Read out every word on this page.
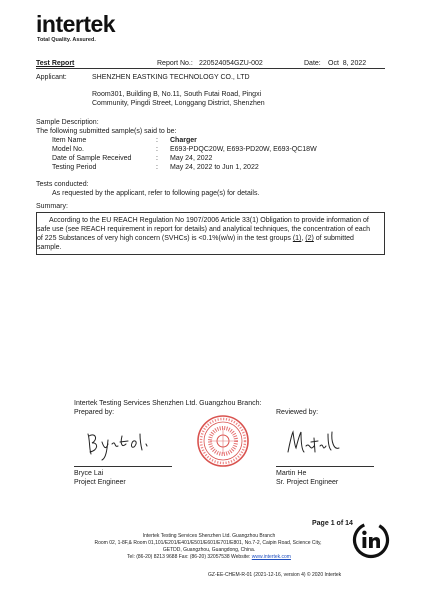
intertek
Total Quality. Assured.
Test Report	Report No.: 220524054GZU-002	Date: Oct  8, 2022
Applicant:	SHENZHEN EASTKING TECHNOLOGY CO., LTD
Room301, Building B, No.11, South Futai Road, Pingxi
Community, Pingdi Street, Longgang District, Shenzhen
Sample Description:
The following submitted sample(s) said to be:
Item Name	: Charger
Model No.	: E693-PDQC20W, E693-PD20W, E693-QC18W
Date of Sample Received	: May 24, 2022
Testing Period	: May 24, 2022 to Jun 1, 2022
Tests conducted:
As requested by the applicant, refer to following page(s) for details.
Summary:
According to the EU REACH Regulation No 1907/2006 Article 33(1) Obligation to provide information of
safe use (see REACH requirement in report for details) and analytical techniques, the concentration of each
of 225 Substances of very high concern (SVHCs) is <0.1%(w/w) in the test groups (1), (2) of submitted
sample.
Intertek Testing Services Shenzhen Ltd. Guangzhou Branch:
Prepared by:	Reviewed by:
Bryce Lai
Project Engineer
Martin He
Sr. Project Engineer
Page 1 of 14
Intertek Testing Services Shenzhen Ltd. Guangzhou Branch
Room 02, 1-8F,& Room 01,101/E201/E401/E501/E601/E701/E801, No.7-2, Caipin Road, Science City,
GETDD, Guangzhou, Guangdong, China.
Tel: (86-20) 8213 9688 Fax: (86-20) 32057538 Website: www.intertek.com
GZ-EE-CHEM-R-01 (2021-12-16, version 4) © 2020 Intertek
